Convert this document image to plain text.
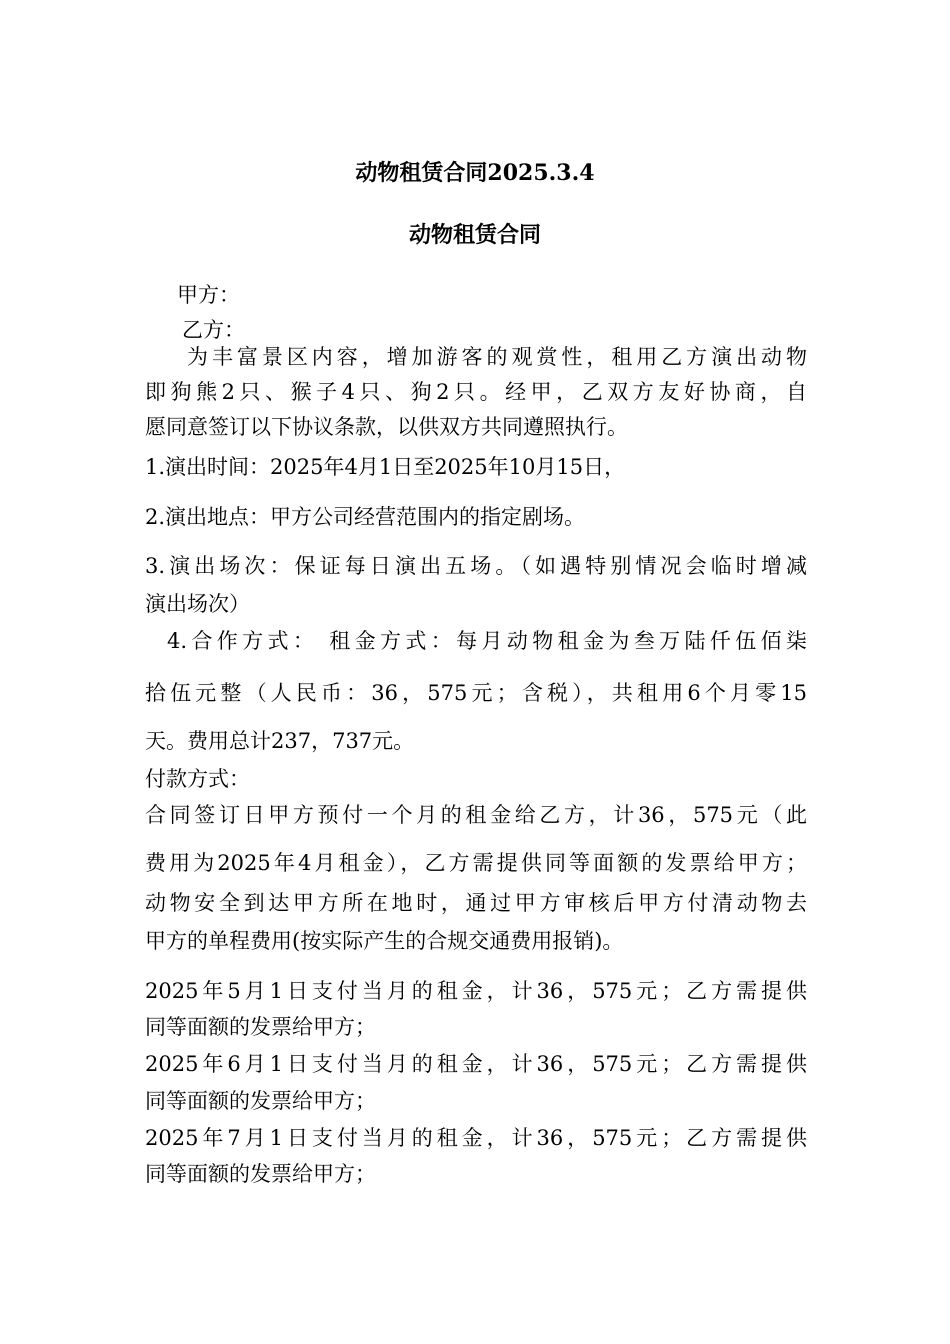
动物租赁合同2025.3.4
动物租赁合同
甲方：
乙方：
为丰富景区内容，增加游客的观赏性，租用乙方演出动物
即狗熊2只、猴子4只、狗2只。经甲，乙双方友好协商，自
愿同意签订以下协议条款，以供双方共同遵照执行。
1.演出时间：2025年4月1日至2025年10月15日，
2.演出地点：甲方公司经营范围内的指定剧场。
3.演出场次：保证每日演出五场。（如遇特别情况会临时增减
演出场次）
4.合作方式： 租金方式：每月动物租金为叁万陆仟伍佰柒
拾伍元整（人民币：36，575元；含税），共租用6个月零15
天。费用总计237，737元。
付款方式：
合同签订日甲方预付一个月的租金给乙方，计36，575元（此
费用为2025年4月租金），乙方需提供同等面额的发票给甲方；
动物安全到达甲方所在地时，通过甲方审核后甲方付清动物去
甲方的单程费用(按实际产生的合规交通费用报销)。
2025年5月1日支付当月的租金，计36，575元；乙方需提供
同等面额的发票给甲方；
2025年6月1日支付当月的租金，计36，575元；乙方需提供
同等面额的发票给甲方；
2025年7月1日支付当月的租金，计36，575元；乙方需提供
同等面额的发票给甲方；
